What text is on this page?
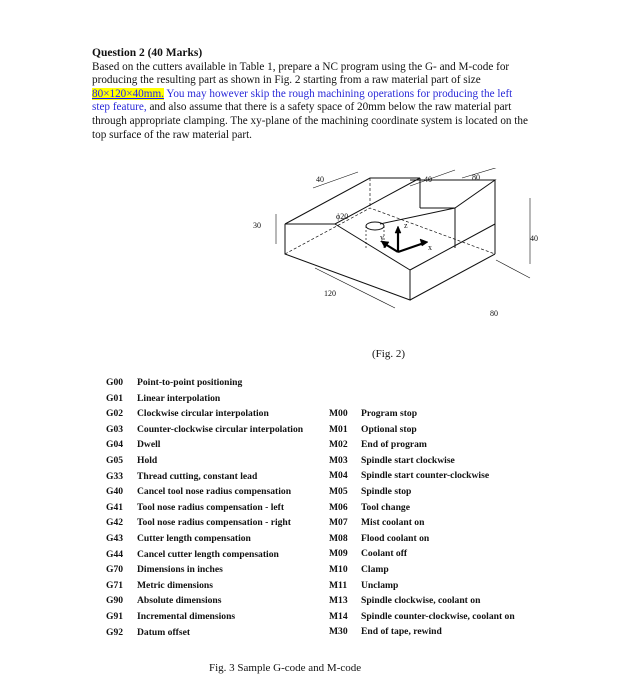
Question 2 (40 Marks)

Based on the cutters available in Table 1, prepare a NC program using the G- and M-code for producing the resulting part as shown in Fig. 2 starting from a raw material part of size 80×120×40mm. You may however skip the rough machining operations for producing the left step feature, and also assume that there is a safety space of 20mm below the raw material part through appropriate clamping. The xy-plane of the machining coordinate system is located on the top surface of the raw material part.

x
y
z
40	40	80
ϕ20
30
40
120
80
(Fig. 2)
G00 Point-to-point positioning
G01 Linear interpolation
G02 Clockwise circular interpolation
G03 Counter-clockwise circular interpolation
G04 Dwell
G05 Hold
G33 Thread cutting, constant lead
G40 Cancel tool nose radius compensation
G41 Tool nose radius compensation - left
G42 Tool nose radius compensation - right
G43 Cutter length compensation
G44 Cancel cutter length compensation
G70 Dimensions in inches
G71 Metric dimensions
G90 Absolute dimensions
G91 Incremental dimensions
G92 Datum offset
M00 Program stop
M01 Optional stop
M02 End of program
M03 Spindle start clockwise
M04 Spindle start counter-clockwise
M05 Spindle stop
M06 Tool change
M07 Mist coolant on
M08 Flood coolant on
M09 Coolant off
M10 Clamp
M11 Unclamp
M13 Spindle clockwise, coolant on
M14 Spindle counter-clockwise, coolant on
M30 End of tape, rewind
Fig. 3 Sample G-code and M-code
